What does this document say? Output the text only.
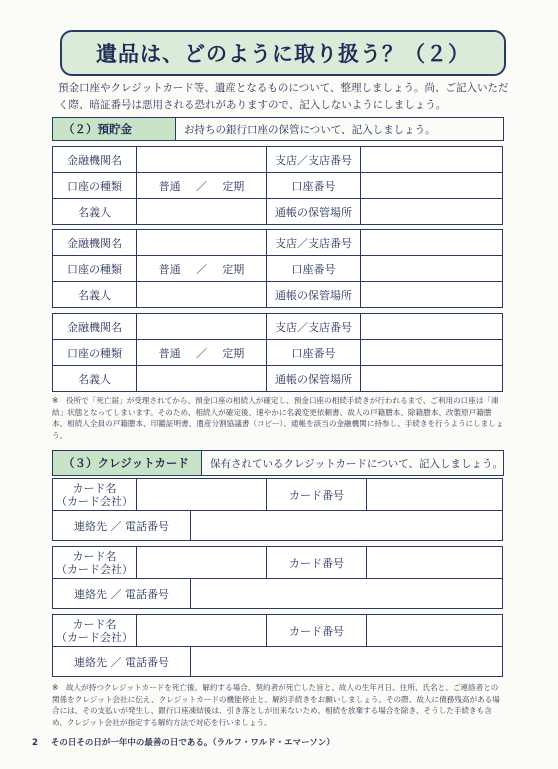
遺品は、どのように取り扱う？（２）
預金口座やクレジットカード等、遺産となるものについて、整理しましょう。尚、ご記入いただく際、暗証番号は悪用される恐れがありますので、記入しないようにしましょう。
（２）預貯金	お持ちの銀行口座の保管について、記入しましょう。
金融機関名		支店／支店番号	
口座の種類	普通 ／ 定期	口座番号	
名義人		通帳の保管場所	
金融機関名		支店／支店番号	
口座の種類	普通 ／ 定期	口座番号	
名義人		通帳の保管場所	
金融機関名		支店／支店番号	
口座の種類	普通 ／ 定期	口座番号	
名義人		通帳の保管場所	
※　役所で「死亡届」が受理されてから、預金口座の相続人が確定し、預金口座の相続手続きが行われるまで、ご利用の口座は「凍結」状態となってしまいます。そのため、相続人が確定後、速やかに名義変更依頼書、故人の戸籍謄本、除籍謄本、改製原戸籍謄本、相続人全員の戸籍謄本、印鑑証明書、遺産分割協議書（コピー）、通帳を該当の金融機関に持参し、手続きを行うようにしましょう。
（３）クレジットカード	保有されているクレジットカードについて、記入しましょう。
カード名
（カード会社）			カード番号	
連絡先 ／ 電話番号				
カード名
（カード会社）			カード番号	
連絡先 ／ 電話番号				
カード名
（カード会社）			カード番号	
連絡先 ／ 電話番号				
※　故人が持つクレジットカードを死亡後、解約する場合、契約者が死亡した旨と、故人の生年月日、住所、氏名と、ご連絡者との関係をクレジット会社に伝え、クレジットカードの機能停止と、解約手続きをお願いしましょう。その際、故人に債務残高がある場合には、その支払いが発生し、銀行口座凍結後は、引き落としが出来ないため、相続を放棄する場合を除き、そうした手続きも含め、クレジット会社が指定する解約方法で対応を行いましょう。
2 その日その日が一年中の最善の日である。（ラルフ・ワルド・エマーソン）
